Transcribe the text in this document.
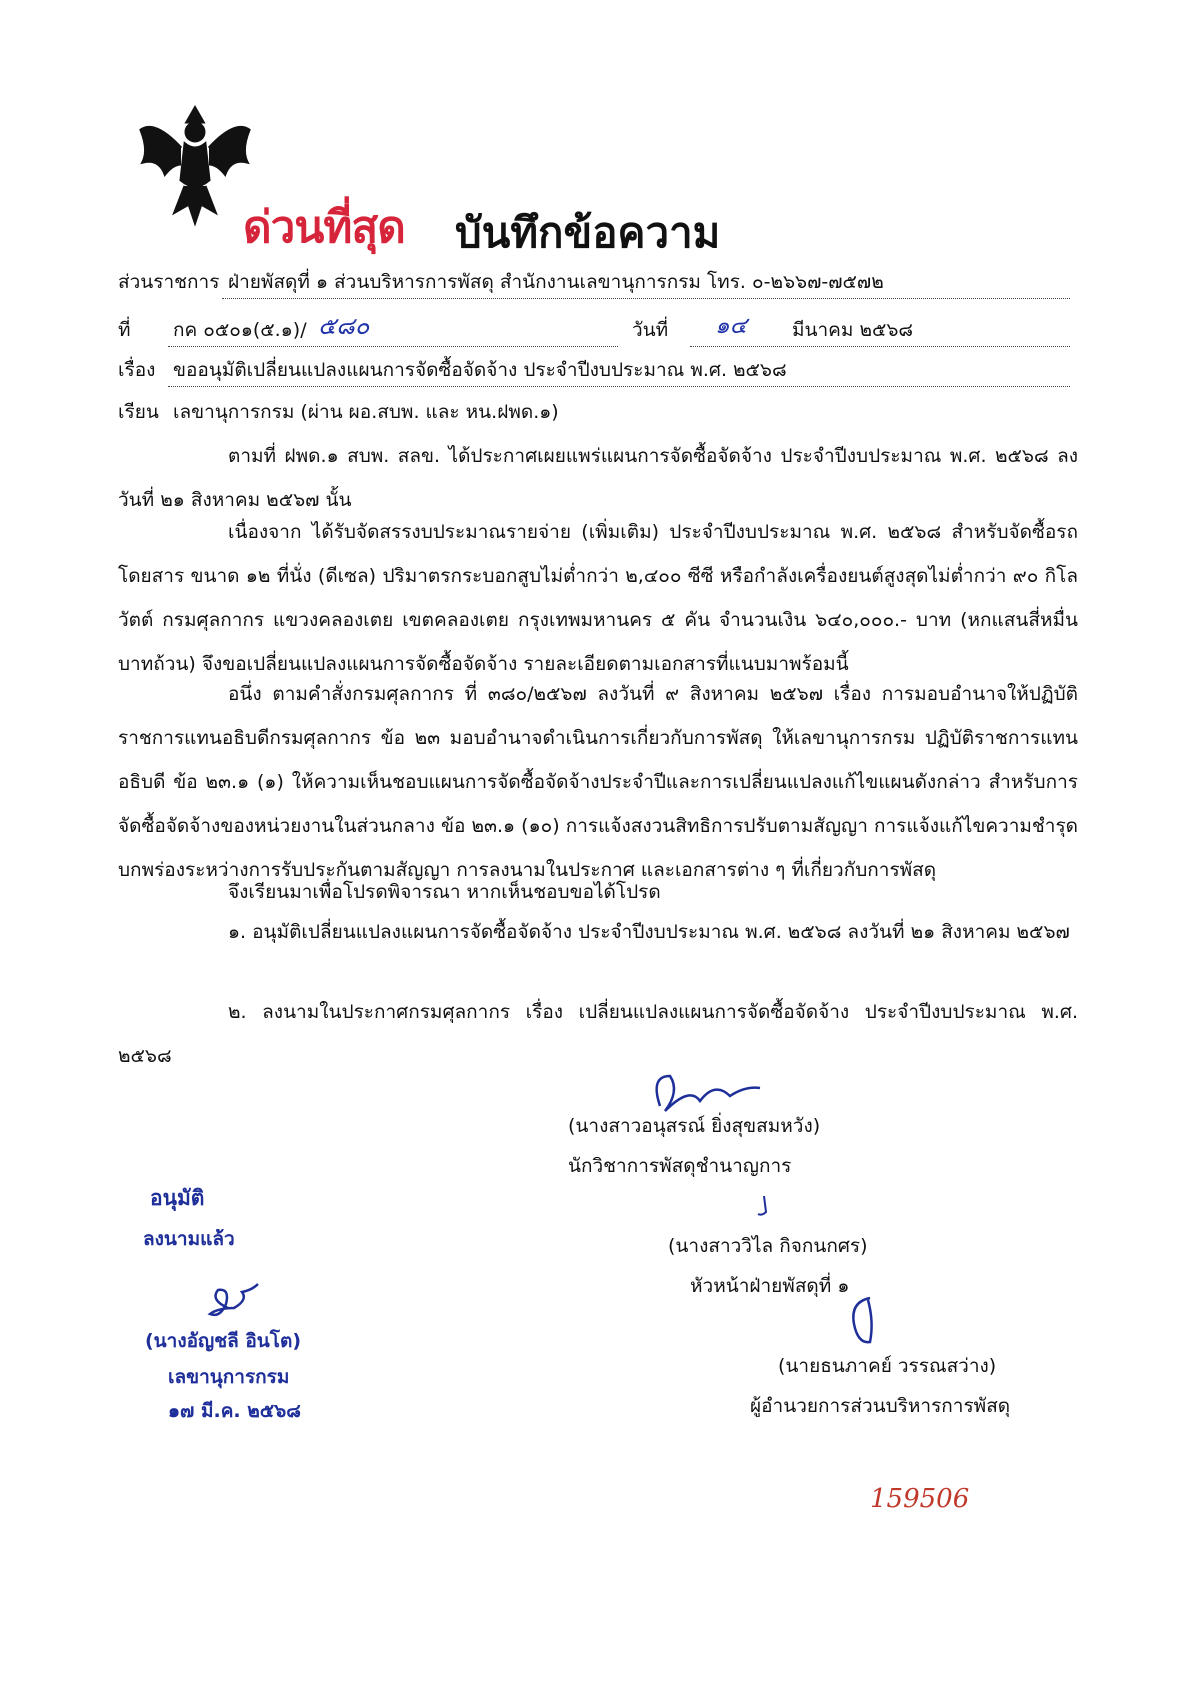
ด่วนที่สุด บันทึกข้อความ
ส่วนราชการ ฝ่ายพัสดุที่ ๑ ส่วนบริหารการพัสดุ สำนักงานเลขานุการกรม โทร. ๐-๒๖๖๗-๗๕๗๒
ที่ กค ๐๕๐๑(๕.๑)/ ๕๘๐	วันที่ ๑๔ มีนาคม ๒๕๖๘
เรื่อง ขออนุมัติเปลี่ยนแปลงแผนการจัดซื้อจัดจ้าง ประจำปีงบประมาณ พ.ศ. ๒๕๖๘
เรียน เลขานุการกรม (ผ่าน ผอ.สบพ. และ หน.ฝพด.๑)
ตามที่ ฝพด.๑ สบพ. สลข. ได้ประกาศเผยแพร่แผนการจัดซื้อจัดจ้าง ประจำปีงบประมาณ พ.ศ. ๒๕๖๘ ลงวันที่ ๒๑ สิงหาคม ๒๕๖๗ นั้น
เนื่องจาก ได้รับจัดสรรงบประมาณรายจ่าย (เพิ่มเติม) ประจำปีงบประมาณ พ.ศ. ๒๕๖๘ สำหรับจัดซื้อรถโดยสาร ขนาด ๑๒ ที่นั่ง (ดีเซล) ปริมาตรกระบอกสูบไม่ต่ำกว่า ๒,๔๐๐ ซีซี หรือกำลังเครื่องยนต์สูงสุดไม่ต่ำกว่า ๙๐ กิโลวัตต์ กรมศุลกากร แขวงคลองเตย เขตคลองเตย กรุงเทพมหานคร ๕ คัน จำนวนเงิน ๖๔๐,๐๐๐.- บาท (หกแสนสี่หมื่นบาทถ้วน) จึงขอเปลี่ยนแปลงแผนการจัดซื้อจัดจ้าง รายละเอียดตามเอกสารที่แนบมาพร้อมนี้
อนึ่ง ตามคำสั่งกรมศุลกากร ที่ ๓๘๐/๒๕๖๗ ลงวันที่ ๙ สิงหาคม ๒๕๖๗ เรื่อง การมอบอำนาจให้ปฏิบัติราชการแทนอธิบดีกรมศุลกากร ข้อ ๒๓ มอบอำนาจดำเนินการเกี่ยวกับการพัสดุ ให้เลขานุการกรม ปฏิบัติราชการแทนอธิบดี ข้อ ๒๓.๑ (๑) ให้ความเห็นชอบแผนการจัดซื้อจัดจ้างประจำปีและการเปลี่ยนแปลงแก้ไขแผนดังกล่าว สำหรับการจัดซื้อจัดจ้างของหน่วยงานในส่วนกลาง ข้อ ๒๓.๑ (๑๐) การแจ้งสงวนสิทธิการปรับตามสัญญา การแจ้งแก้ไขความชำรุดบกพร่องระหว่างการรับประกันตามสัญญา การลงนามในประกาศ และเอกสารต่าง ๆ ที่เกี่ยวกับการพัสดุ
จึงเรียนมาเพื่อโปรดพิจารณา หากเห็นชอบขอได้โปรด
๑. อนุมัติเปลี่ยนแปลงแผนการจัดซื้อจัดจ้าง ประจำปีงบประมาณ พ.ศ. ๒๕๖๘ ลงวันที่ ๒๑ สิงหาคม ๒๕๖๗
๒. ลงนามในประกาศกรมศุลกากร เรื่อง เปลี่ยนแปลงแผนการจัดซื้อจัดจ้าง ประจำปีงบประมาณ พ.ศ. ๒๕๖๘
(นางสาวอนุสรณ์ ยิ่งสุขสมหวัง)
นักวิชาการพัสดุชำนาญการ
(นางสาววิไล กิจกนกศร)
หัวหน้าฝ่ายพัสดุที่ ๑
(นายธนภาคย์ วรรณสว่าง)
ผู้อำนวยการส่วนบริหารการพัสดุ
อนุมัติ
ลงนามแล้ว
(นางอัญชลี อินโต)
เลขานุการกรม
๑๗ มี.ค. ๒๕๖๘
159506
